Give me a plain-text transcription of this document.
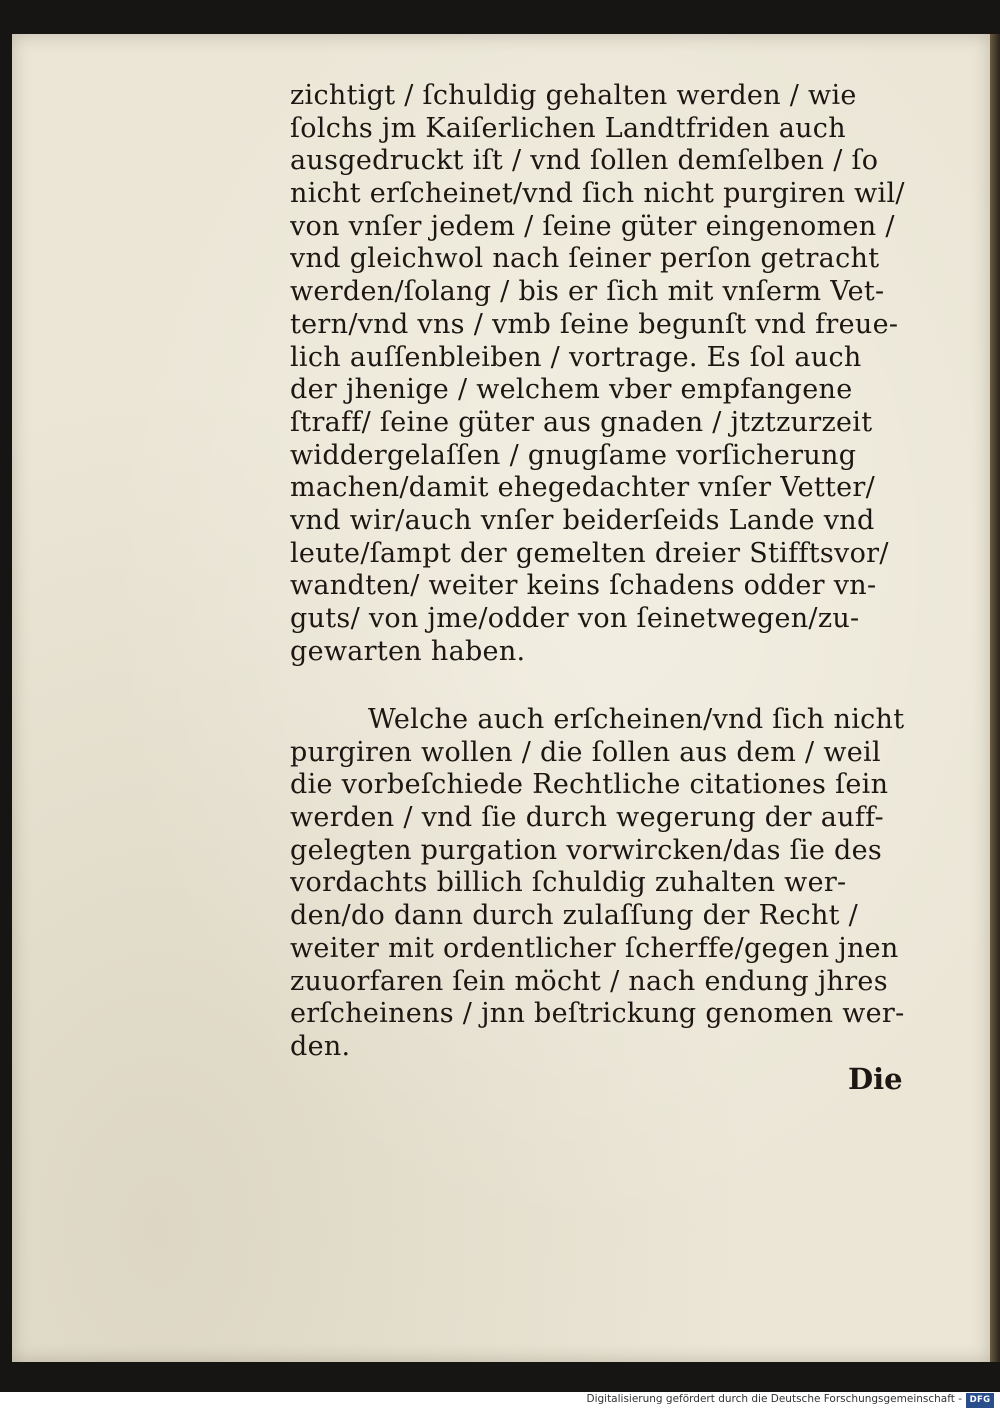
zichtigt / ſchuldig gehalten werden / wie
ſolchs jm Kaiſerlichen Landtfriden auch
ausgedruckt iſt / vnd ſollen demſelben / ſo
nicht erſcheinet/vnd ſich nicht purgiren wil/
von vnſer jedem / ſeine güter eingenomen /
vnd gleichwol nach ſeiner perſon getracht
werden/ſolang / bis er ſich mit vnſerm Vet-
tern/vnd vns / vmb ſeine begunſt vnd freue-
lich auſſenbleiben / vortrage. Es ſol auch
der jhenige / welchem vber empfangene
ſtraff/ ſeine güter aus gnaden / jtztzurzeit
widdergelaſſen / gnugſame vorſicherung
machen/damit ehegedachter vnſer Vetter/
vnd wir/auch vnſer beiderſeids Lande vnd
leute/ſampt der gemelten dreier Stifftsvor/
wandten/ weiter keins ſchadens odder vn-
guts/ von jme/odder von ſeinetwegen/zu-
gewarten haben.
Welche auch erſcheinen/vnd ſich nicht
purgiren wollen / die ſollen aus dem / weil
die vorbeſchiede Rechtliche citationes ſein
werden / vnd ſie durch wegerung der auff-
gelegten purgation vorwircken/das ſie des
vordachts billich ſchuldig zuhalten wer-
den/do dann durch zulaſſung der Recht /
weiter mit ordentlicher ſcherffe/gegen jnen
zuuorfaren ſein möcht / nach endung jhres
erſcheinens / jnn beſtrickung genomen wer-
den.
Die
Digitalisierung gefördert durch die Deutsche Forschungsgemeinschaft - DFG
